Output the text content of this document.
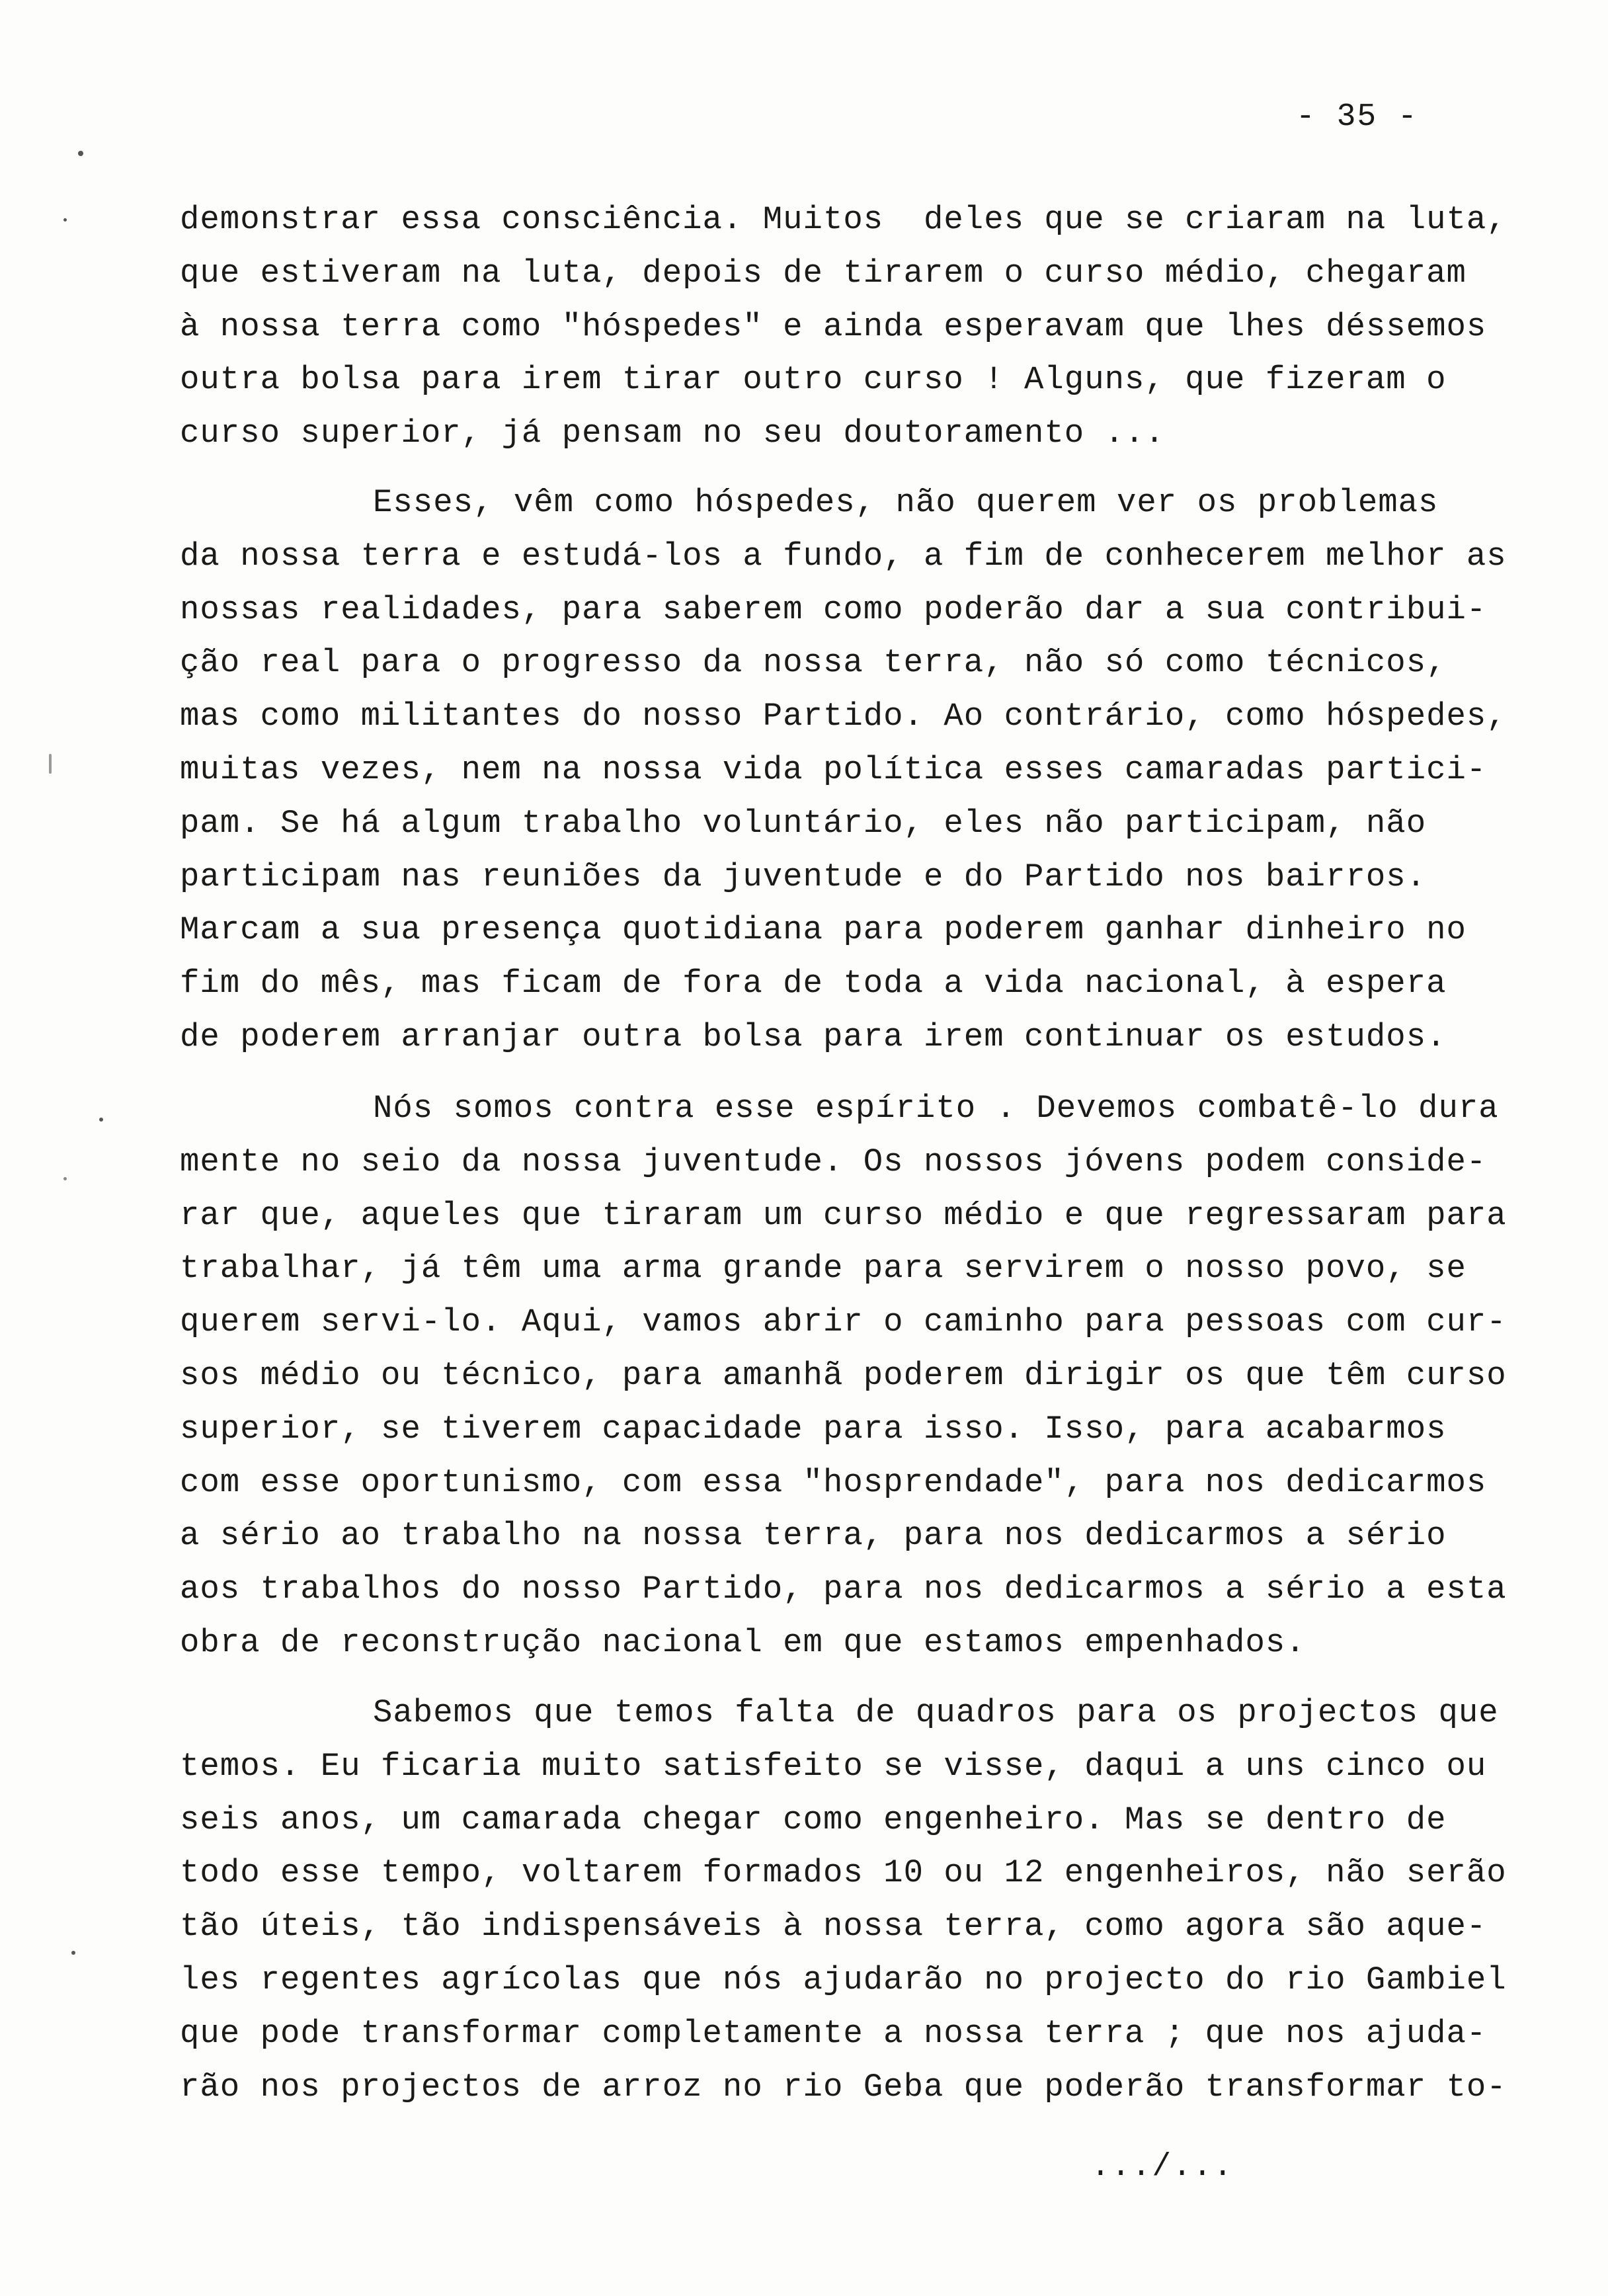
- 35 -
demonstrar essa consciência. Muitos  deles que se criaram na luta,
que estiveram na luta, depois de tirarem o curso médio, chegaram
à nossa terra como "hóspedes" e ainda esperavam que lhes déssemos
outra bolsa para irem tirar outro curso ! Alguns, que fizeram o
curso superior, já pensam no seu doutoramento ...
Esses, vêm como hóspedes, não querem ver os problemas
da nossa terra e estudá-los a fundo, a fim de conhecerem melhor as
nossas realidades, para saberem como poderão dar a sua contribui-
ção real para o progresso da nossa terra, não só como técnicos,
mas como militantes do nosso Partido. Ao contrário, como hóspedes,
muitas vezes, nem na nossa vida política esses camaradas partici-
pam. Se há algum trabalho voluntário, eles não participam, não
participam nas reuniões da juventude e do Partido nos bairros.
Marcam a sua presença quotidiana para poderem ganhar dinheiro no
fim do mês, mas ficam de fora de toda a vida nacional, à espera
de poderem arranjar outra bolsa para irem continuar os estudos.
Nós somos contra esse espírito . Devemos combatê-lo dura
mente no seio da nossa juventude. Os nossos jóvens podem conside-
rar que, aqueles que tiraram um curso médio e que regressaram para
trabalhar, já têm uma arma grande para servirem o nosso povo, se
querem servi-lo. Aqui, vamos abrir o caminho para pessoas com cur-
sos médio ou técnico, para amanhã poderem dirigir os que têm curso
superior, se tiverem capacidade para isso. Isso, para acabarmos
com esse oportunismo, com essa "hosprendade", para nos dedicarmos
a sério ao trabalho na nossa terra, para nos dedicarmos a sério
aos trabalhos do nosso Partido, para nos dedicarmos a sério a esta
obra de reconstrução nacional em que estamos empenhados.
Sabemos que temos falta de quadros para os projectos que
temos. Eu ficaria muito satisfeito se visse, daqui a uns cinco ou
seis anos, um camarada chegar como engenheiro. Mas se dentro de
todo esse tempo, voltarem formados 10 ou 12 engenheiros, não serão
tão úteis, tão indispensáveis à nossa terra, como agora são aque-
les regentes agrícolas que nós ajudarão no projecto do rio Gambiel
que pode transformar completamente a nossa terra ; que nos ajuda-
rão nos projectos de arroz no rio Geba que poderão transformar to-
.../...
